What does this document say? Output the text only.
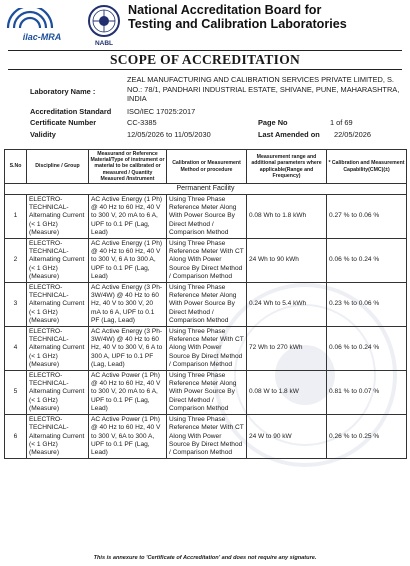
ilac-MRA
NABL
National Accreditation Board for
Testing and Calibration Laboratories
SCOPE OF ACCREDITATION
Laboratory Name :
ZEAL MANUFACTURING AND CALIBRATION SERVICES PRIVATE LIMITED, S. NO.: 78/1, PANDHARI INDUSTRIAL ESTATE, SHIVANE, PUNE, MAHARASHTRA, INDIA
Accreditation Standard ISO/IEC 17025:2017
Certificate Number	CC-3385	Page No	1 of 69
Validity	12/05/2026 to 11/05/2030	Last Amended on 22/05/2026
S.No	Discipline / Group	Measurand or Reference Material/Type of instrument or material to be calibrated or measured / Quantity Measured /Instrument	Calibration or Measurement Method or procedure	Measurement range and additional parameters where applicable(Range and Frequency)	* Calibration and Measurement Capability(CMC)(±)
Permanent Facility					
1	ELECTRO-TECHNICAL-Alternating Current (< 1 GHz) (Measure)	AC Active Energy (1 Ph) @ 40 Hz to 60 Hz, 40 V to 300 V, 20 mA to 6 A, UPF to 0.1 PF (Lag, Lead)	Using Three Phase Reference Meter Along With Power Source By Direct Method / Comparison Method	0.08 Wh to 1.8 kWh	0.27 % to 0.06 %
2	ELECTRO-TECHNICAL-Alternating Current (< 1 GHz) (Measure)	AC Active Energy (1 Ph) @ 40 Hz to 60 Hz, 40 V to 300 V, 6 A to 300 A, UPF to 0.1 PF (Lag, Lead)	Using Three Phase Reference Meter With CT Along With Power Source By Direct Method / Comparison Method	24 Wh to 90 kWh	0.06 % to 0.24 %
3	ELECTRO-TECHNICAL-Alternating Current (< 1 GHz) (Measure)	AC Active Energy (3 Ph-3W/4W) @ 40 Hz to 60 Hz, 40 V to 300 V, 20 mA to 6 A, UPF to 0.1 PF (Lag, Lead)	Using Three Phase Reference Meter Along With Power Source By Direct Method / Comparison Method	0.24 Wh to 5.4 kWh	0.23 % to 0.06 %
4	ELECTRO-TECHNICAL-Alternating Current (< 1 GHz) (Measure)	AC Active Energy (3 Ph-3W/4W) @ 40 Hz to 60 Hz, 40 V to 300 V, 6 A to 300 A, UPF to 0.1 PF (Lag, Lead)	Using Three Phase Reference Meter With CT Along With Power Source By Direct Method / Comparison Method	72 Wh to 270 kWh	0.06 % to 0.24 %
5	ELECTRO-TECHNICAL-Alternating Current (< 1 GHz) (Measure)	AC Active Power (1 Ph) @ 40 Hz to 60 Hz, 40 V to 300 V, 20 mA to 6 A, UPF to 0.1 PF (Lag, Lead)	Using Three Phase Reference Meter Along With Power Source By Direct Method / Comparison Method	0.08 W to 1.8 kW	0.81 % to 0.07 %
6	ELECTRO-TECHNICAL-Alternating Current (< 1 GHz) (Measure)	AC Active Power (1 Ph) @ 40 Hz to 60 Hz, 40 V to 300 V, 6A to 300 A, UPF to 0.1 PF (Lag, Lead)	Using Three Phase Reference Meter With CT Along With Power Source By Direct Method / Comparison Method	24 W to 90 kW	0.26 % to 0.25 %
This is annexure to 'Certificate of Accreditation' and does not require any signature.
